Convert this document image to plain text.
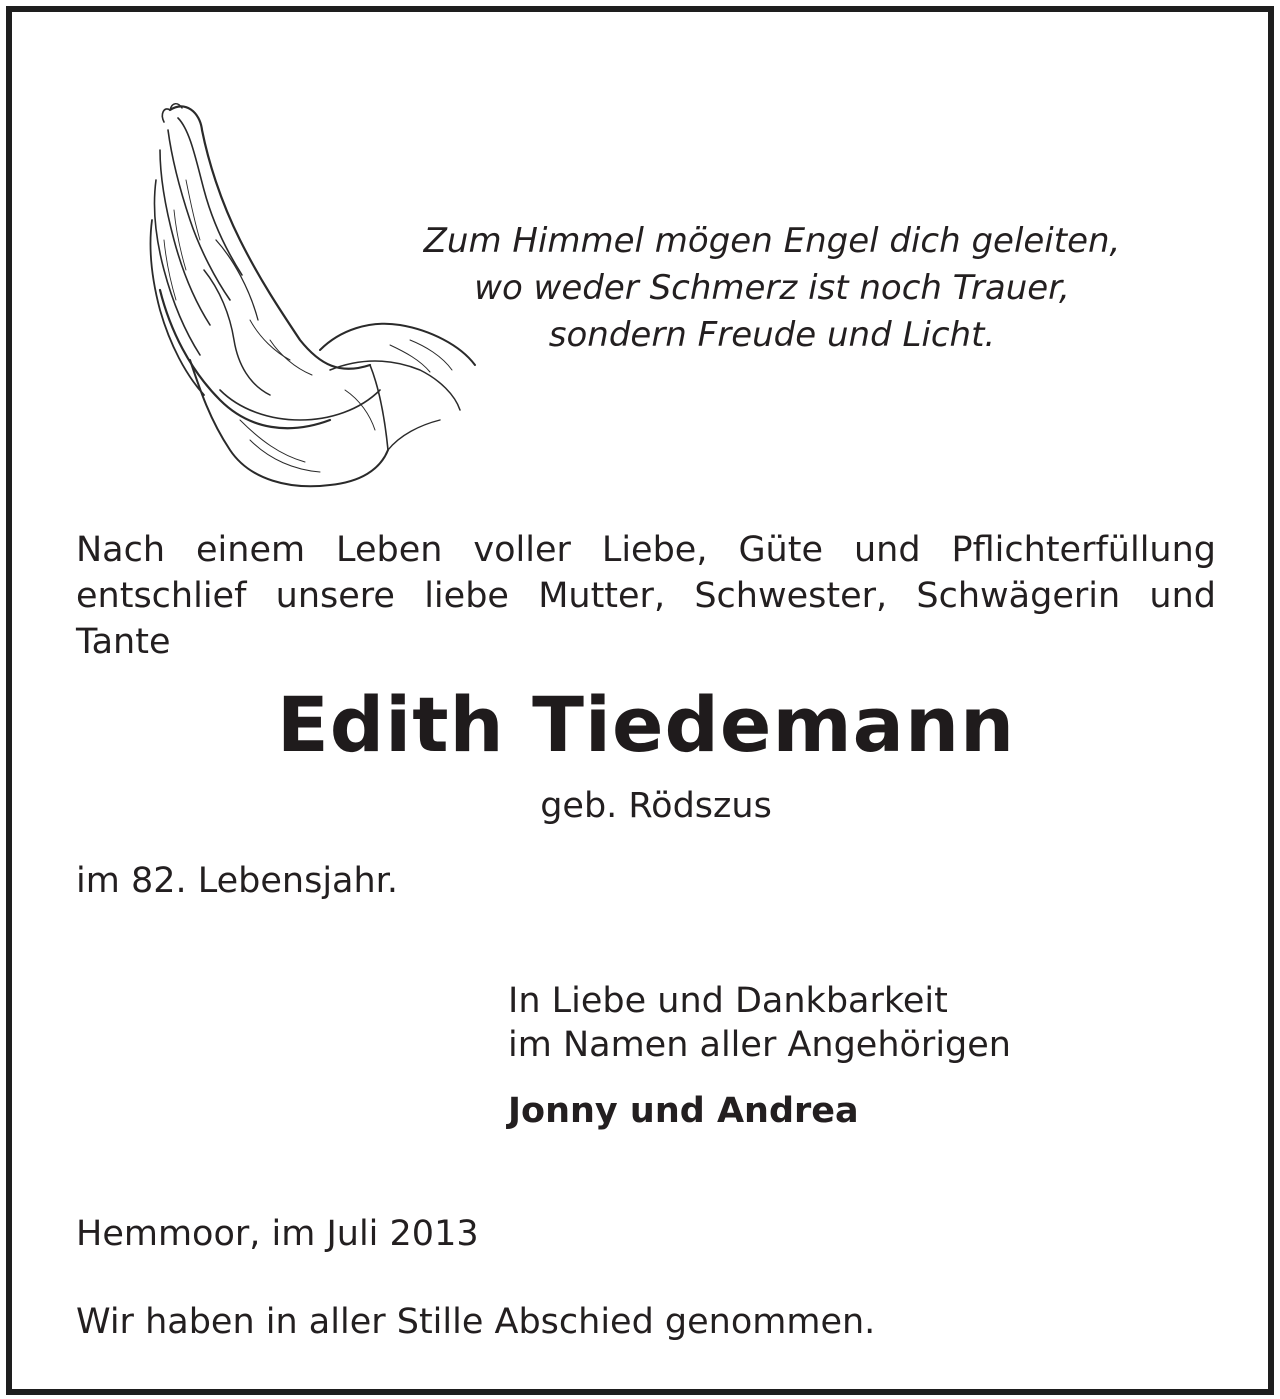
Zum Himmel mögen Engel dich geleiten,
wo weder Schmerz ist noch Trauer,
sondern Freude und Licht.
Nach einem Leben voller Liebe, Güte und Pflichterfüllung
entschlief unsere liebe Mutter, Schwester, Schwägerin und
Tante
Edith Tiedemann
geb. Rödszus
im 82. Lebensjahr.
In Liebe und Dankbarkeit
im Namen aller Angehörigen
Jonny und Andrea
Hemmoor, im Juli 2013
Wir haben in aller Stille Abschied genommen.
